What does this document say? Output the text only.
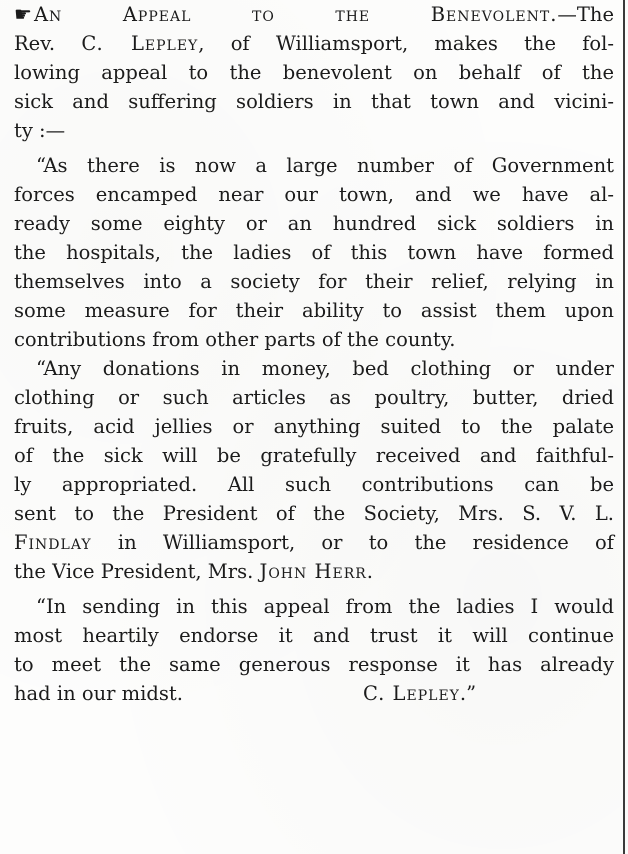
☛ An Appeal to the Benevolent.—The
Rev. C. Lepley, of Williamsport, makes the fol-
lowing appeal to the benevolent on behalf of the
sick and suffering soldiers in that town and vicini-
ty :—
“As there is now a large number of Government
forces encamped near our town, and we have al-
ready some eighty or an hundred sick soldiers in
the hospitals, the ladies of this town have formed
themselves into a society for their relief, relying in
some measure for their ability to assist them upon
contributions from other parts of the county.
“Any donations in money, bed clothing or under
clothing or such articles as poultry, butter, dried
fruits, acid jellies or anything suited to the palate
of the sick will be gratefully received and faithful-
ly appropriated. All such contributions can be
sent to the President of the Society, Mrs. S. V. L.
Findlay in Williamsport, or to the residence of
the Vice President, Mrs. John Herr.
“In sending in this appeal from the ladies I would
most heartily endorse it and trust it will continue
to meet the same generous response it has already
had in our midst.	C. Lepley.”
